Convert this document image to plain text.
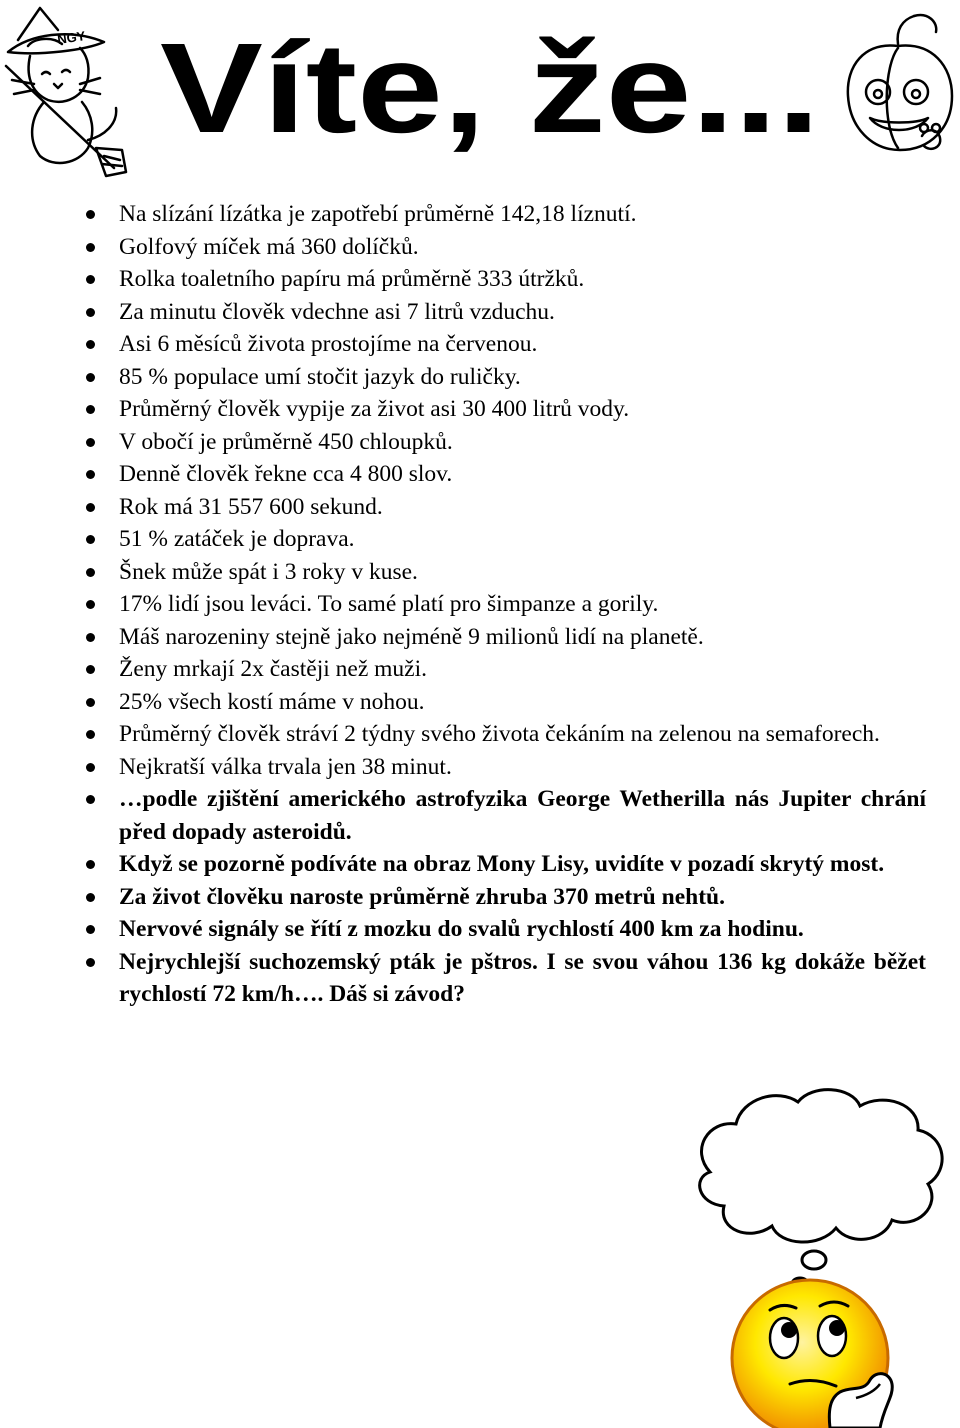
NGY Víte, že...
Na slízání lízátka je zapotřebí průměrně 142,18 líznutí.
Golfový míček má 360 dolíčků.
Rolka toaletního papíru má průměrně 333 útržků.
Za minutu člověk vdechne asi 7 litrů vzduchu.
Asi 6 měsíců života prostojíme na červenou.
85 % populace umí stočit jazyk do ruličky.
Průměrný člověk vypije za život asi 30 400 litrů vody.
V obočí je průměrně 450 chloupků.
Denně člověk řekne cca 4 800 slov.
Rok má 31 557 600 sekund.
51 % zatáček je doprava.
Šnek může spát i 3 roky v kuse.
17% lidí jsou leváci. To samé platí pro šimpanze a gorily.
Máš narozeniny stejně jako nejméně 9 milionů lidí na planetě.
Ženy mrkají 2x častěji než muži.
25% všech kostí máme v nohou.
Průměrný člověk stráví 2 týdny svého života čekáním na zelenou na semaforech.
Nejkratší válka trvala jen 38 minut.
…podle zjištění amerického astrofyzika George Wetherilla nás Jupiter chrání před dopady asteroidů.
Když se pozorně podíváte na obraz Mony Lisy, uvidíte v pozadí skrytý most.
Za život člověku naroste průměrně zhruba 370 metrů nehtů.
Nervové signály se řítí z mozku do svalů rychlostí 400 km za hodinu.
Nejrychlejší suchozemský pták je pštros. I se svou váhou 136 kg dokáže běžet rychlostí 72 km/h…. Dáš si závod?
